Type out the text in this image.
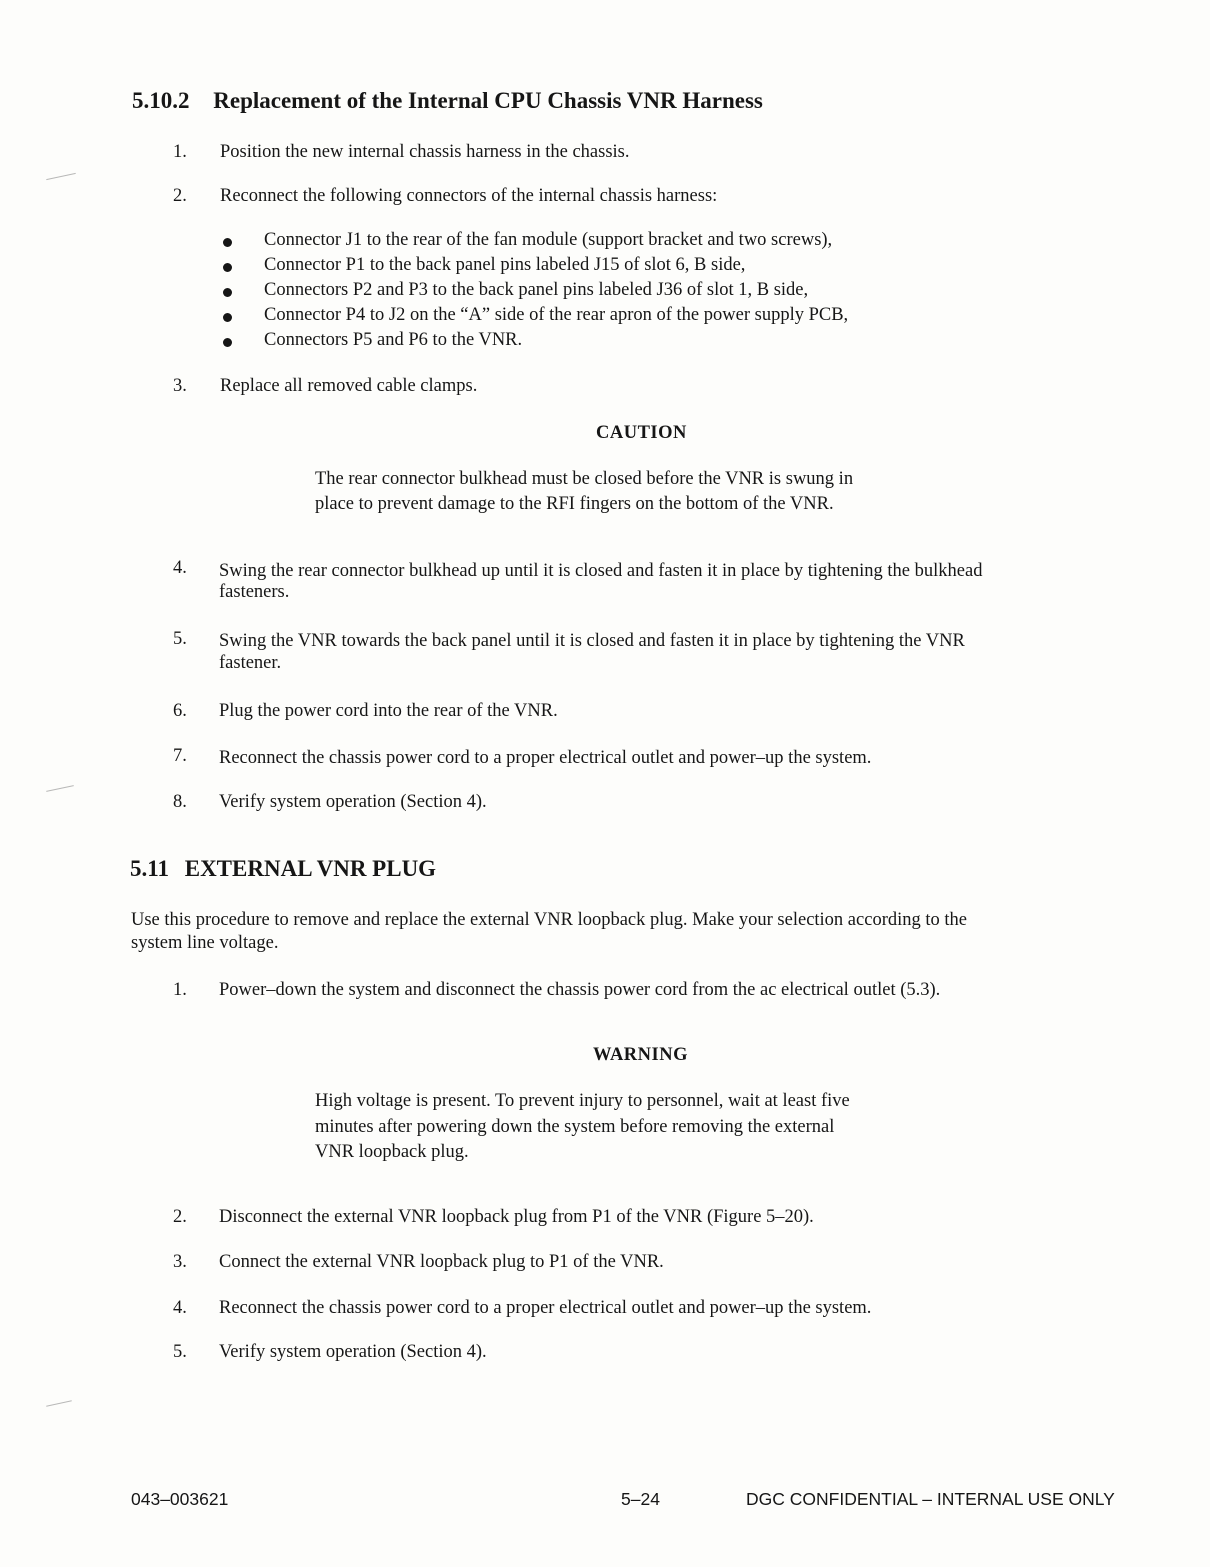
5.10.2 Replacement of the Internal CPU Chassis VNR Harness
1.	Position the new internal chassis harness in the chassis.
2.	Reconnect the following connectors of the internal chassis harness:
Connector J1 to the rear of the fan module (support bracket and two screws),
Connector P1 to the back panel pins labeled J15 of slot 6, B side,
Connectors P2 and P3 to the back panel pins labeled J36 of slot 1, B side,
Connector P4 to J2 on the “A” side of the rear apron of the power supply PCB,
Connectors P5 and P6 to the VNR.
3.	Replace all removed cable clamps.
CAUTION
The rear connector bulkhead must be closed before the VNR is swung in
place to prevent damage to the RFI fingers on the bottom of the VNR.
4.	Swing the rear connector bulkhead up until it is closed and fasten it in place by tightening the bulkhead
fasteners.
5.	Swing the VNR towards the back panel until it is closed and fasten it in place by tightening the VNR
fastener.
6.	Plug the power cord into the rear of the VNR.
7.	Reconnect the chassis power cord to a proper electrical outlet and power–up the system.
8.	Verify system operation (Section 4).
5.11 EXTERNAL VNR PLUG
Use this procedure to remove and replace the external VNR loopback plug. Make your selection according to the
system line voltage.
1.	Power–down the system and disconnect the chassis power cord from the ac electrical outlet (5.3).
WARNING
High voltage is present. To prevent injury to personnel, wait at least five
minutes after powering down the system before removing the external
VNR loopback plug.
2.	Disconnect the external VNR loopback plug from P1 of the VNR (Figure 5–20).
3.	Connect the external VNR loopback plug to P1 of the VNR.
4.	Reconnect the chassis power cord to a proper electrical outlet and power–up the system.
5.	Verify system operation (Section 4).
043–003621	5–24	DGC CONFIDENTIAL – INTERNAL USE ONLY
